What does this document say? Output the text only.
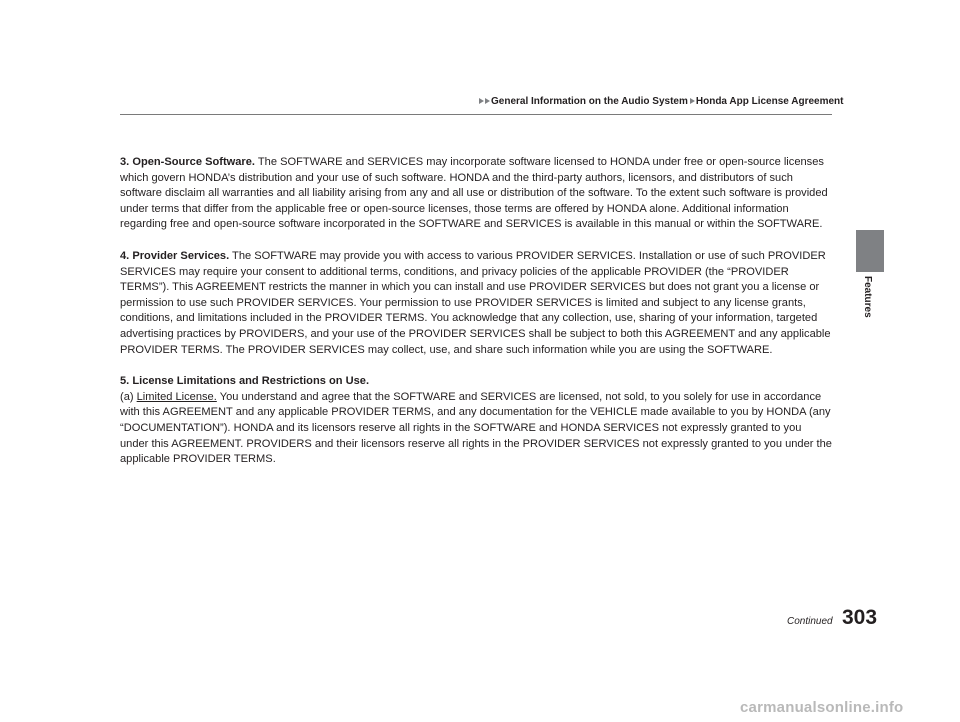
General Information on the Audio System Honda App License Agreement
Features

3. Open-Source Software. The SOFTWARE and SERVICES may incorporate software licensed to HONDA under free or open-source licenses which govern HONDA’s distribution and your use of such software. HONDA and the third-party authors, licensors, and distributors of such software disclaim all warranties and all liability arising from any and all use or distribution of the software. To the extent such software is provided under terms that differ from the applicable free or open-source licenses, those terms are offered by HONDA alone. Additional information regarding free and open-source software incorporated in the SOFTWARE and SERVICES is available in this manual or within the SOFTWARE.

4. Provider Services. The SOFTWARE may provide you with access to various PROVIDER SERVICES. Installation or use of such PROVIDER SERVICES may require your consent to additional terms, conditions, and privacy policies of the applicable PROVIDER (the “PROVIDER TERMS”). This AGREEMENT restricts the manner in which you can install and use PROVIDER SERVICES but does not grant you a license or permission to use such PROVIDER SERVICES. Your permission to use PROVIDER SERVICES is limited and subject to any license grants, conditions, and limitations included in the PROVIDER TERMS. You acknowledge that any collection, use, sharing of your information, targeted advertising practices by PROVIDERS, and your use of the PROVIDER SERVICES shall be subject to both this AGREEMENT and any applicable PROVIDER TERMS. The PROVIDER SERVICES may collect, use, and share such information while you are using the SOFTWARE.

5. License Limitations and Restrictions on Use.

(a) Limited License. You understand and agree that the SOFTWARE and SERVICES are licensed, not sold, to you solely for use in accordance with this AGREEMENT and any applicable PROVIDER TERMS, and any documentation for the VEHICLE made available to you by HONDA (any “DOCUMENTATION”). HONDA and its licensors reserve all rights in the SOFTWARE and HONDA SERVICES not expressly granted to you under this AGREEMENT. PROVIDERS and their licensors reserve all rights in the PROVIDER SERVICES not expressly granted to you under the applicable PROVIDER TERMS.

Continued 303
carmanualsonline.info
